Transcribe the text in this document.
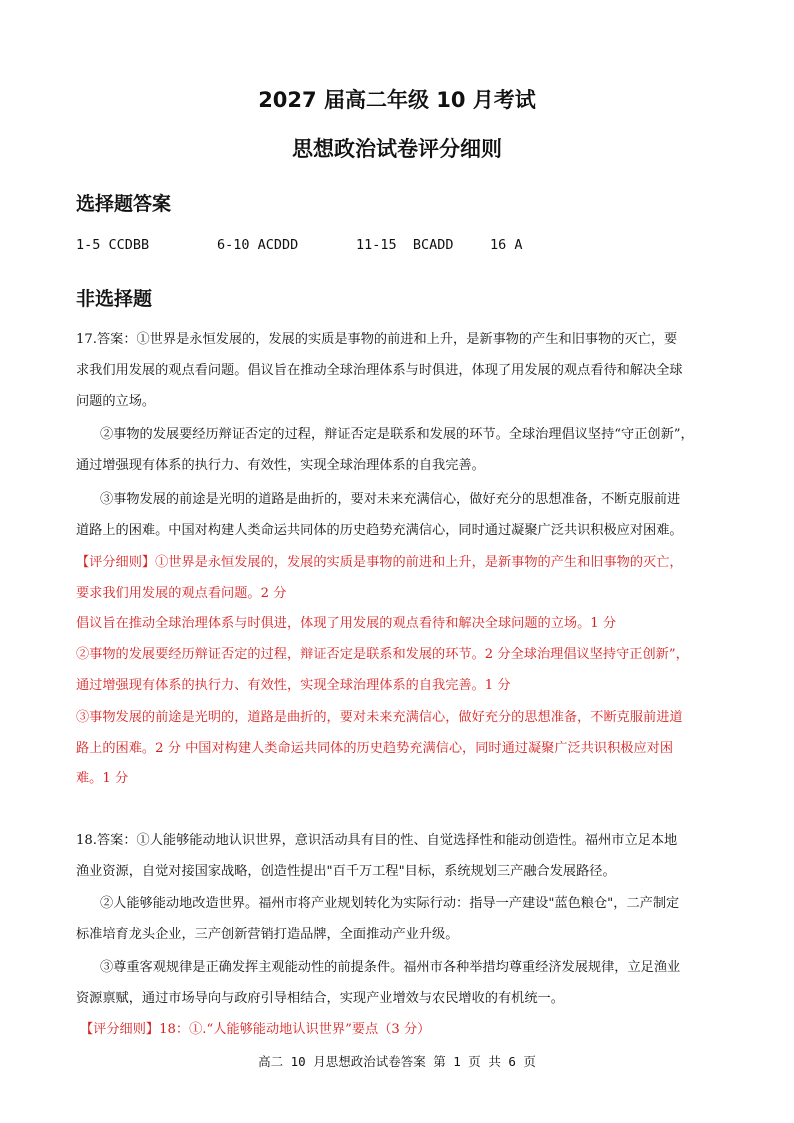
2027 届高二年级 10 月考试
思想政治试卷评分细则
选择题答案
1-5 CCDBB	6-10 ACDDD	11-15  BCADD	16 A
非选择题
17.答案：①世界是永恒发展的，发展的实质是事物的前进和上升，是新事物的产生和旧事物的灭亡，要
求我们用发展的观点看问题。倡议旨在推动全球治理体系与时俱进，体现了用发展的观点看待和解决全球
问题的立场。
②事物的发展要经历辩证否定的过程，辩证否定是联系和发展的环节。全球治理倡议坚持“守正创新”，
通过增强现有体系的执行力、有效性，实现全球治理体系的自我完善。
③事物发展的前途是光明的道路是曲折的，要对未来充满信心，做好充分的思想准备，不断克服前进
道路上的困难。中国对构建人类命运共同体的历史趋势充满信心，同时通过凝聚广泛共识积极应对困难。
【评分细则】①世界是永恒发展的，发展的实质是事物的前进和上升，是新事物的产生和旧事物的灭亡，
要求我们用发展的观点看问题。2 分
倡议旨在推动全球治理体系与时俱进，体现了用发展的观点看待和解决全球问题的立场。1 分
②事物的发展要经历辩证否定的过程，辩证否定是联系和发展的环节。2 分全球治理倡议坚持守正创新”，
通过增强现有体系的执行力、有效性，实现全球治理体系的自我完善。1 分
③事物发展的前途是光明的，道路是曲折的，要对未来充满信心，做好充分的思想准备，不断克服前进道
路上的困难。2 分 中国对构建人类命运共同体的历史趋势充满信心，同时通过凝聚广泛共识积极应对困
难。1 分
18.答案：①人能够能动地认识世界，意识活动具有目的性、自觉选择性和能动创造性。福州市立足本地
渔业资源，自觉对接国家战略，创造性提出"百千万工程"目标，系统规划三产融合发展路径。
②人能够能动地改造世界。福州市将产业规划转化为实际行动：指导一产建设"蓝色粮仓"，二产制定
标准培育龙头企业，三产创新营销打造品牌，全面推动产业升级。
③尊重客观规律是正确发挥主观能动性的前提条件。福州市各种举措均尊重经济发展规律，立足渔业
资源禀赋，通过市场导向与政府引导相结合，实现产业增效与农民增收的有机统一。
【评分细则】18：①.“人能够能动地认识世界”要点（3 分）
高二 10 月思想政治试卷答案 第 1 页 共 6 页
